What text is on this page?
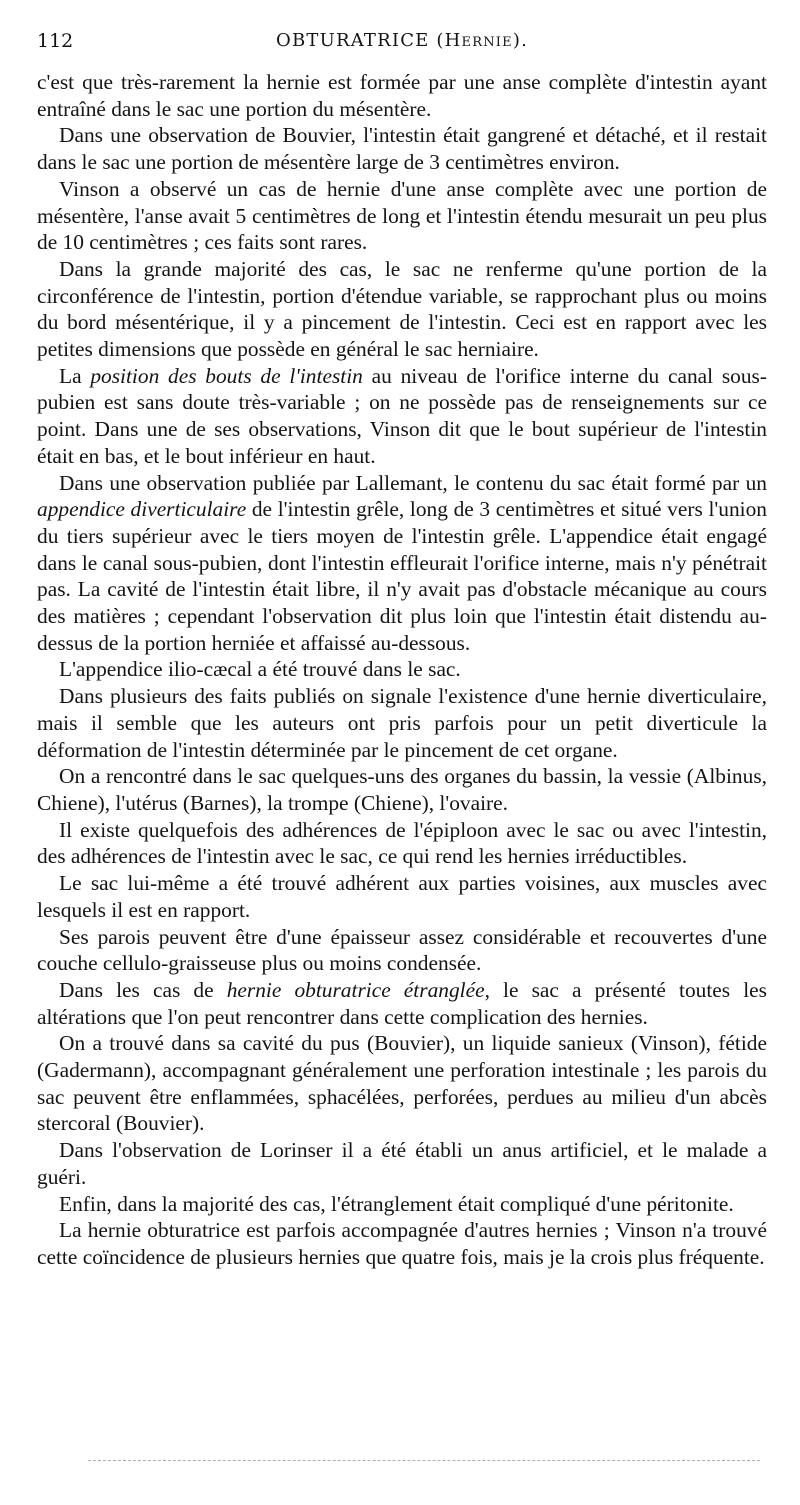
112	OBTURATRICE (Hernie).

c'est que très-rarement la hernie est formée par une anse complète d'intestin ayant entraîné dans le sac une portion du mésentère.

Dans une observation de Bouvier, l'intestin était gangrené et détaché, et il restait dans le sac une portion de mésentère large de 3 centimètres environ.

Vinson a observé un cas de hernie d'une anse complète avec une portion de mésentère, l'anse avait 5 centimètres de long et l'intestin étendu mesurait un peu plus de 10 centimètres ; ces faits sont rares.

Dans la grande majorité des cas, le sac ne renferme qu'une portion de la circonférence de l'intestin, portion d'étendue variable, se rapprochant plus ou moins du bord mésentérique, il y a pincement de l'intestin. Ceci est en rapport avec les petites dimensions que possède en général le sac herniaire.

La position des bouts de l'intestin au niveau de l'orifice interne du canal sous-pubien est sans doute très-variable ; on ne possède pas de renseignements sur ce point. Dans une de ses observations, Vinson dit que le bout supérieur de l'intestin était en bas, et le bout inférieur en haut.

Dans une observation publiée par Lallemant, le contenu du sac était formé par un appendice diverticulaire de l'intestin grêle, long de 3 centimètres et situé vers l'union du tiers supérieur avec le tiers moyen de l'intestin grêle. L'appendice était engagé dans le canal sous-pubien, dont l'intestin effleurait l'orifice interne, mais n'y pénétrait pas. La cavité de l'intestin était libre, il n'y avait pas d'obstacle mécanique au cours des matières ; cependant l'observation dit plus loin que l'intestin était distendu au-dessus de la portion herniée et affaissé au-dessous.

L'appendice ilio-cæcal a été trouvé dans le sac.

Dans plusieurs des faits publiés on signale l'existence d'une hernie diverticulaire, mais il semble que les auteurs ont pris parfois pour un petit diverticule la déformation de l'intestin déterminée par le pincement de cet organe.

On a rencontré dans le sac quelques-uns des organes du bassin, la vessie (Albinus, Chiene), l'utérus (Barnes), la trompe (Chiene), l'ovaire.

Il existe quelquefois des adhérences de l'épiploon avec le sac ou avec l'intestin, des adhérences de l'intestin avec le sac, ce qui rend les hernies irréductibles.

Le sac lui-même a été trouvé adhérent aux parties voisines, aux muscles avec lesquels il est en rapport.

Ses parois peuvent être d'une épaisseur assez considérable et recouvertes d'une couche cellulo-graisseuse plus ou moins condensée.

Dans les cas de hernie obturatrice étranglée, le sac a présenté toutes les altérations que l'on peut rencontrer dans cette complication des hernies.

On a trouvé dans sa cavité du pus (Bouvier), un liquide sanieux (Vinson), fétide (Gadermann), accompagnant généralement une perforation intestinale ; les parois du sac peuvent être enflammées, sphacélées, perforées, perdues au milieu d'un abcès stercoral (Bouvier).

Dans l'observation de Lorinser il a été établi un anus artificiel, et le malade a guéri.

Enfin, dans la majorité des cas, l'étranglement était compliqué d'une péritonite.

La hernie obturatrice est parfois accompagnée d'autres hernies ; Vinson n'a trouvé cette coïncidence de plusieurs hernies que quatre fois, mais je la crois plus fréquente.
